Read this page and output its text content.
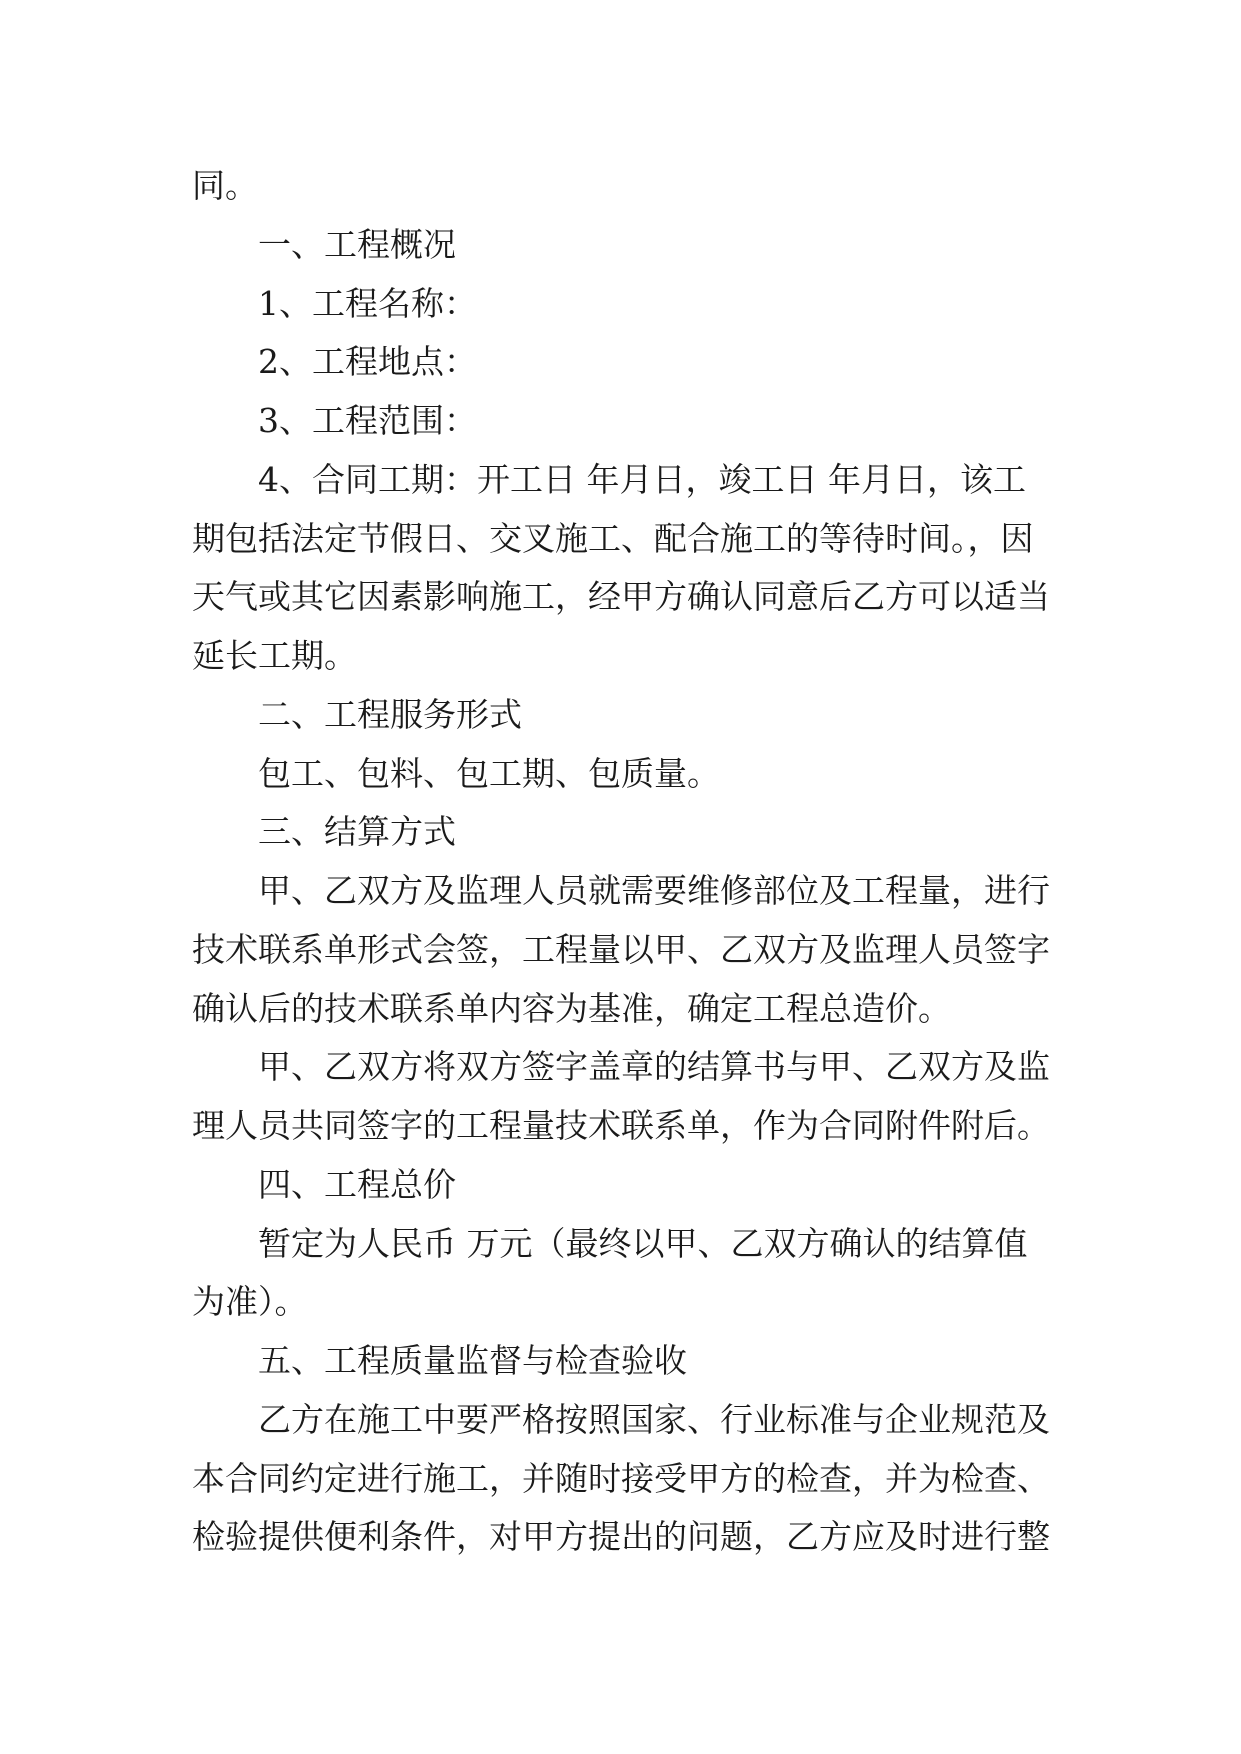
同。
一、工程概况
1、工程名称：
2、工程地点：
3、工程范围：
4、合同工期：开工日 年月日，竣工日 年月日，该工
期包括法定节假日、交叉施工、配合施工的等待时间。，因
天气或其它因素影响施工，经甲方确认同意后乙方可以适当
延长工期。
二、工程服务形式
包工、包料、包工期、包质量。
三、结算方式
甲、乙双方及监理人员就需要维修部位及工程量，进行
技术联系单形式会签，工程量以甲、乙双方及监理人员签字
确认后的技术联系单内容为基准，确定工程总造价。
甲、乙双方将双方签字盖章的结算书与甲、乙双方及监
理人员共同签字的工程量技术联系单，作为合同附件附后。
四、工程总价
暂定为人民币 万元（最终以甲、乙双方确认的结算值
为准）。
五、工程质量监督与检查验收
乙方在施工中要严格按照国家、行业标准与企业规范及
本合同约定进行施工，并随时接受甲方的检查，并为检查、
检验提供便利条件，对甲方提出的问题，乙方应及时进行整
